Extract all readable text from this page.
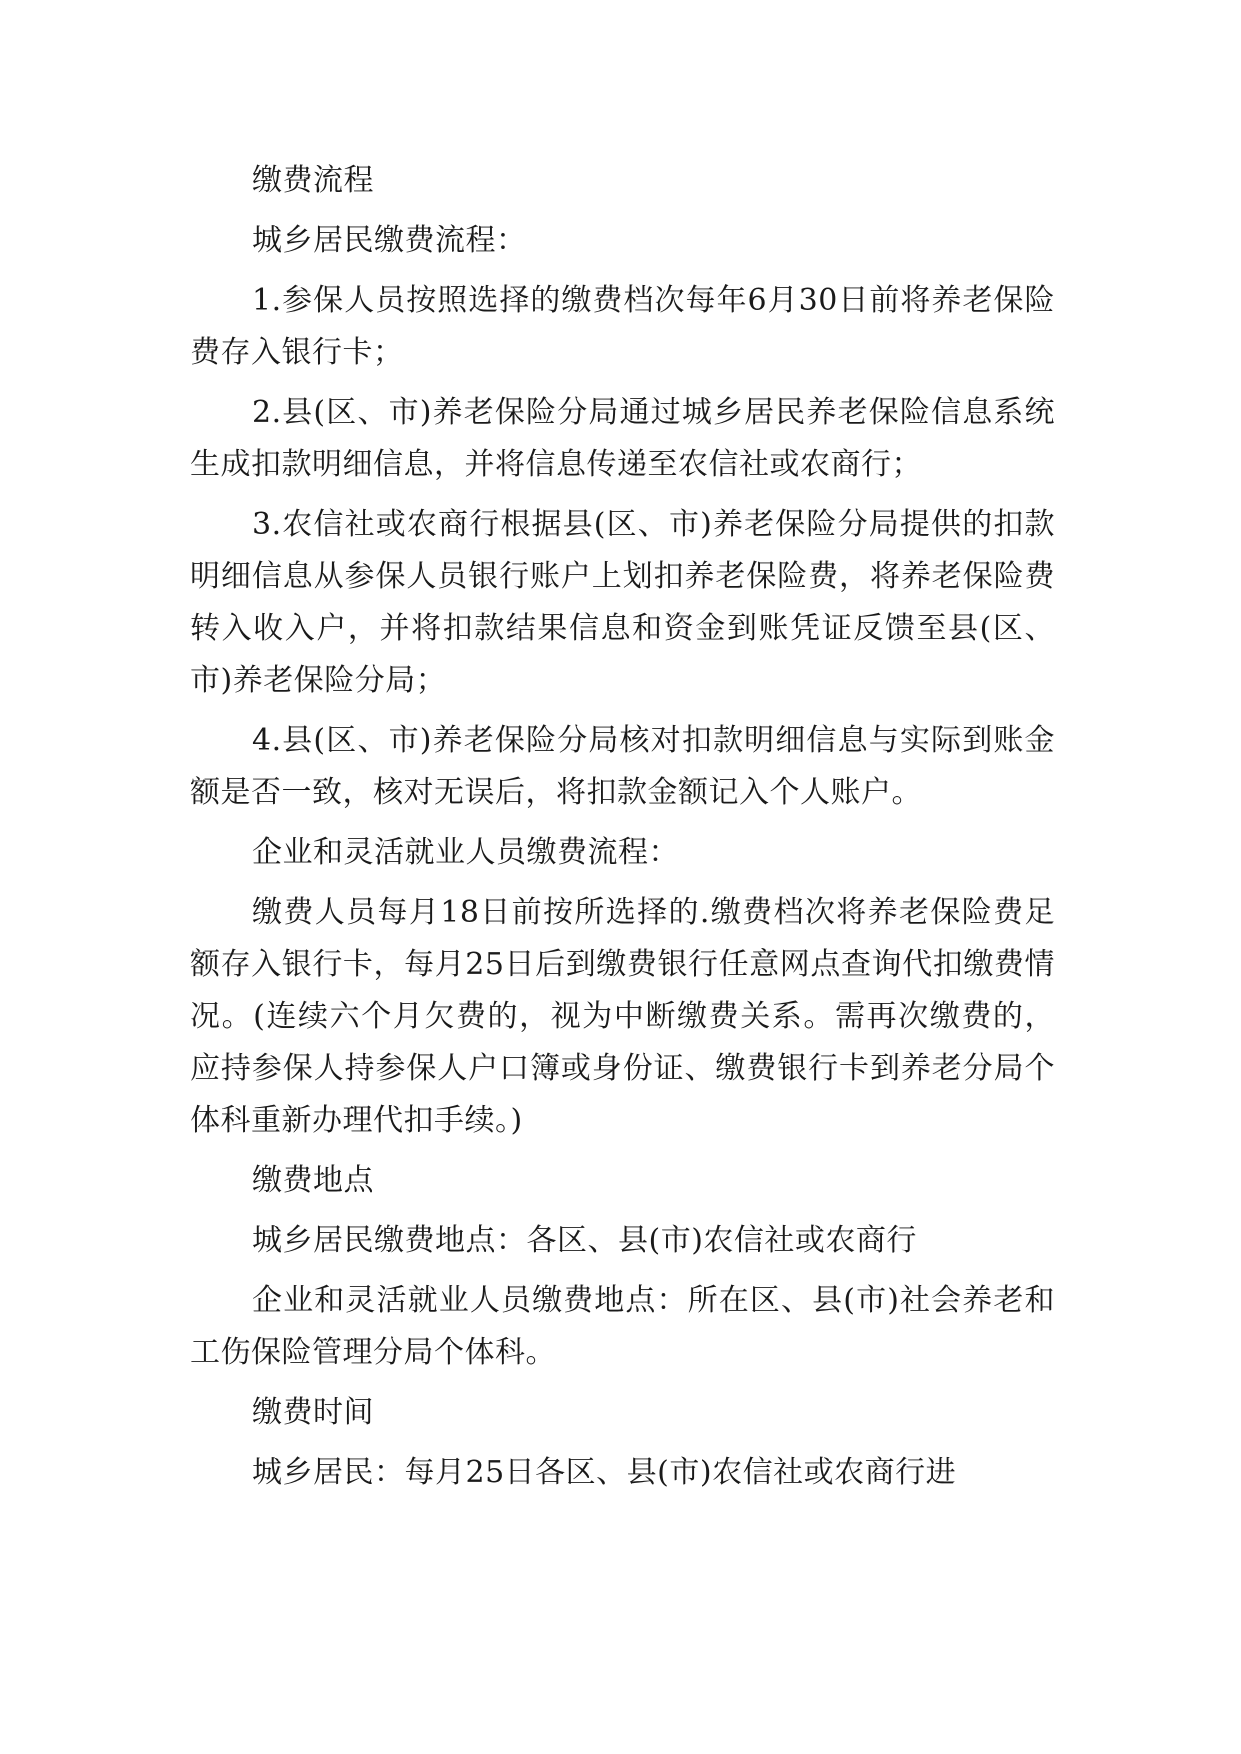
缴费流程

城乡居民缴费流程：

1.参保人员按照选择的缴费档次每年6月30日前将养老保险费存入银行卡；

2.县(区、市)养老保险分局通过城乡居民养老保险信息系统生成扣款明细信息，并将信息传递至农信社或农商行；

3.农信社或农商行根据县(区、市)养老保险分局提供的扣款明细信息从参保人员银行账户上划扣养老保险费，将养老保险费转入收入户，并将扣款结果信息和资金到账凭证反馈至县(区、市)养老保险分局；

4.县(区、市)养老保险分局核对扣款明细信息与实际到账金额是否一致，核对无误后，将扣款金额记入个人账户。

企业和灵活就业人员缴费流程：

缴费人员每月18日前按所选择的.缴费档次将养老保险费足额存入银行卡，每月25日后到缴费银行任意网点查询代扣缴费情况。(连续六个月欠费的，视为中断缴费关系。需再次缴费的，应持参保人持参保人户口簿或身份证、缴费银行卡到养老分局个体科重新办理代扣手续。)

缴费地点

城乡居民缴费地点：各区、县(市)农信社或农商行

企业和灵活就业人员缴费地点：所在区、县(市)社会养老和工伤保险管理分局个体科。

缴费时间

城乡居民：每月25日各区、县(市)农信社或农商行进
